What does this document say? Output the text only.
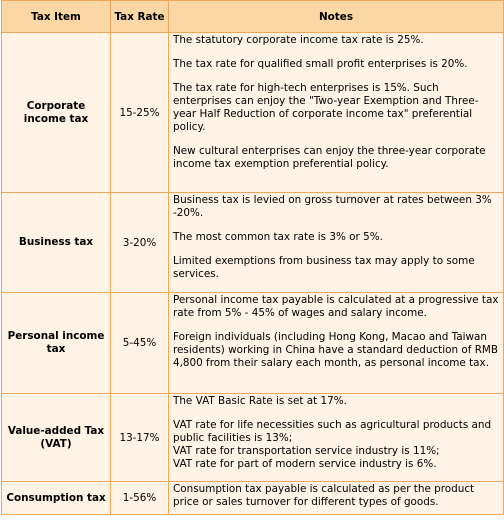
Tax Item	Tax Rate	Notes
Corporate income tax	15-25%	The statutory corporate income tax rate is 25%.

The tax rate for qualified small profit enterprises is 20%.

The tax rate for high-tech enterprises is 15%. Such enterprises can enjoy the "Two-year Exemption and Three-year Half Reduction of corporate income tax" preferential policy.

New cultural enterprises can enjoy the three-year corporate income tax exemption preferential policy.

Business tax	3-20%	Business tax is levied on gross turnover at rates between 3% -20%.

The most common tax rate is 3% or 5%.

Limited exemptions from business tax may apply to some services.

Personal income tax	5-45%	Personal income tax payable is calculated at a progressive tax rate from 5% - 45% of wages and salary income.

Foreign individuals (including Hong Kong, Macao and Taiwan residents) working in China have a standard deduction of RMB 4,800 from their salary each month, as personal income tax.

Value-added Tax (VAT)	13-17%	The VAT Basic Rate is set at 17%.

VAT rate for life necessities such as agricultural products and public facilities is 13%;

VAT rate for transportation service industry is 11%;

VAT rate for part of modern service industry is 6%.

Consumption tax	1-56%	Consumption tax payable is calculated as per the product price or sales turnover for different types of goods.
